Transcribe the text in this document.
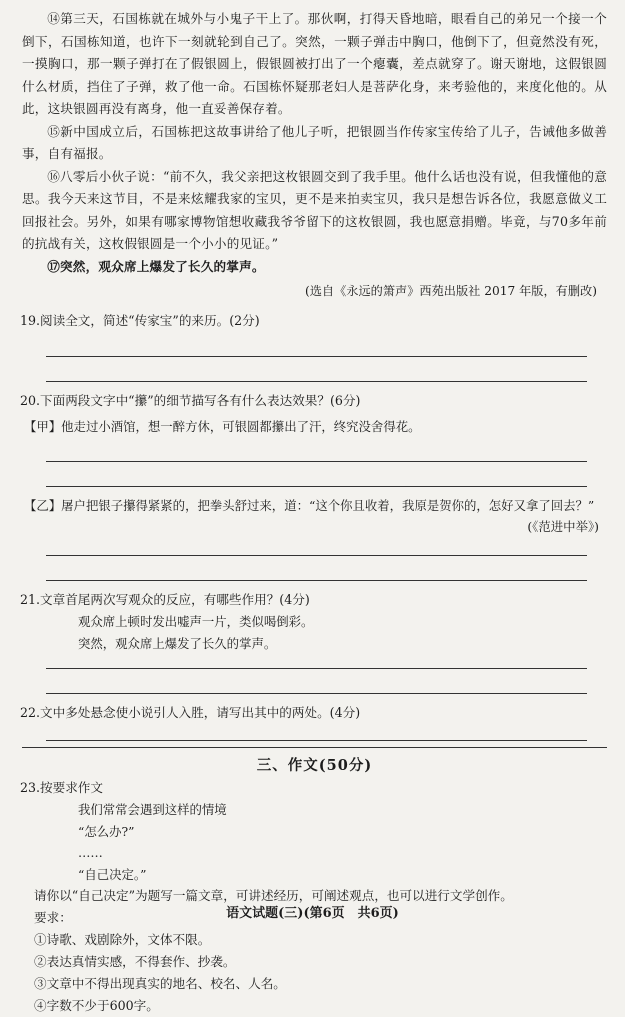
⑭第三天，石国栋就在城外与小鬼子干上了。那伙啊，打得天昏地暗，眼看自己的弟兄一个接一个倒下，石国栋知道，也许下一刻就轮到自己了。突然，一颗子弹击中胸口，他倒下了，但竟然没有死，一摸胸口，那一颗子弹打在了假银圆上，假银圆被打出了一个瘪囊，差点就穿了。谢天谢地，这假银圆什么材质，挡住了子弹，救了他一命。石国栋怀疑那老妇人是菩萨化身，来考验他的，来度化他的。从此，这块银圆再没有离身，他一直妥善保存着。

⑮新中国成立后，石国栋把这故事讲给了他儿子听，把银圆当作传家宝传给了儿子，告诫他多做善事，自有福报。

⑯八零后小伙子说：“前不久，我父亲把这枚银圆交到了我手里。他什么话也没有说，但我懂他的意思。我今天来这节目，不是来炫耀我家的宝贝，更不是来拍卖宝贝，我只是想告诉各位，我愿意做义工回报社会。另外，如果有哪家博物馆想收藏我爷爷留下的这枚银圆，我也愿意捐赠。毕竟，与70多年前的抗战有关，这枚假银圆是一个小小的见证。”

⑰突然，观众席上爆发了长久的掌声。

(选自《永远的箫声》西苑出版社 2017 年版，有删改)
19.阅读全文，简述“传家宝”的来历。(2分)
20.下面两段文字中“攥”的细节描写各有什么表达效果？(6分)
【甲】他走过小酒馆，想一醉方休，可银圆都攥出了汗，终究没舍得花。
【乙】屠户把银子攥得紧紧的，把拳头舒过来，道：“这个你且收着，我原是贺你的，怎好又拿了回去？”
(《范进中举》)
21.文章首尾两次写观众的反应，有哪些作用？(4分)
观众席上顿时发出嘘声一片，类似喝倒彩。
突然，观众席上爆发了长久的掌声。
22.文中多处悬念使小说引人入胜，请写出其中的两处。(4分)
三、作文(50分)
23.按要求作文
我们常常会遇到这样的情境
“怎么办?”
……
“自己决定。”
请你以“自己决定”为题写一篇文章，可讲述经历，可阐述观点，也可以进行文学创作。
要求：
①诗歌、戏剧除外，文体不限。
②表达真情实感，不得套作、抄袭。
③文章中不得出现真实的地名、校名、人名。
④字数不少于600字。
语文试题(三)(第6页　共6页)
